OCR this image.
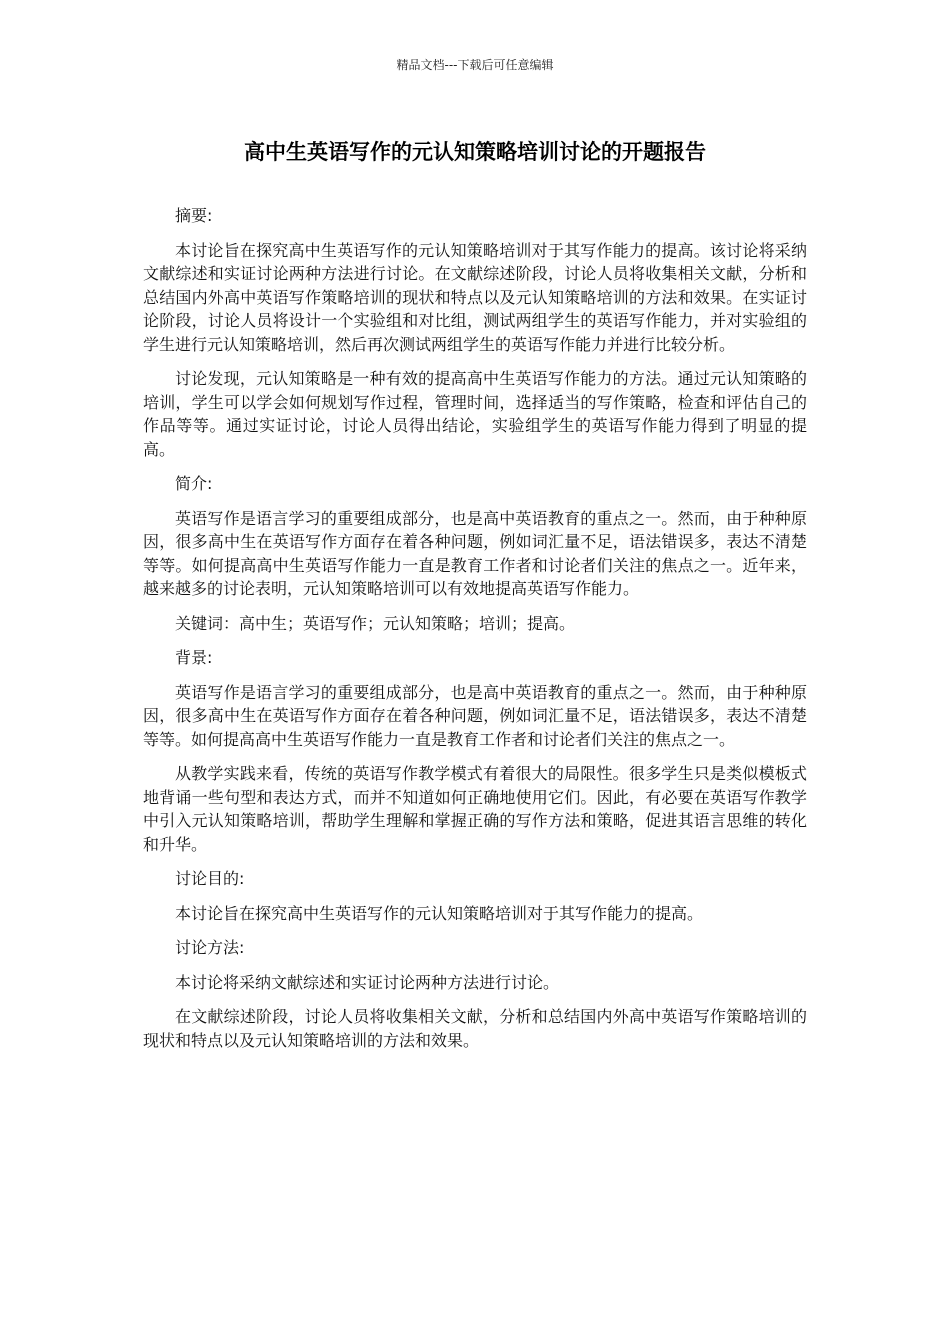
精品文档---下载后可任意编辑
高中生英语写作的元认知策略培训讨论的开题报告

摘要:

本讨论旨在探究高中生英语写作的元认知策略培训对于其写作能力的提高。该讨论将采纳文献综述和实证讨论两种方法进行讨论。在文献综述阶段，讨论人员将收集相关文献，分析和总结国内外高中英语写作策略培训的现状和特点以及元认知策略培训的方法和效果。在实证讨论阶段，讨论人员将设计一个实验组和对比组，测试两组学生的英语写作能力，并对实验组的学生进行元认知策略培训，然后再次测试两组学生的英语写作能力并进行比较分析。

讨论发现，元认知策略是一种有效的提高高中生英语写作能力的方法。通过元认知策略的培训，学生可以学会如何规划写作过程，管理时间，选择适当的写作策略，检查和评估自己的作品等等。通过实证讨论，讨论人员得出结论，实验组学生的英语写作能力得到了明显的提高。

简介:

英语写作是语言学习的重要组成部分，也是高中英语教育的重点之一。然而，由于种种原因，很多高中生在英语写作方面存在着各种问题，例如词汇量不足，语法错误多，表达不清楚等等。如何提高高中生英语写作能力一直是教育工作者和讨论者们关注的焦点之一。近年来，越来越多的讨论表明，元认知策略培训可以有效地提高英语写作能力。

关键词：高中生；英语写作；元认知策略；培训；提高。

背景:

英语写作是语言学习的重要组成部分，也是高中英语教育的重点之一。然而，由于种种原因，很多高中生在英语写作方面存在着各种问题，例如词汇量不足，语法错误多，表达不清楚等等。如何提高高中生英语写作能力一直是教育工作者和讨论者们关注的焦点之一。

从教学实践来看，传统的英语写作教学模式有着很大的局限性。很多学生只是类似模板式地背诵一些句型和表达方式，而并不知道如何正确地使用它们。因此，有必要在英语写作教学中引入元认知策略培训，帮助学生理解和掌握正确的写作方法和策略，促进其语言思维的转化和升华。

讨论目的:

本讨论旨在探究高中生英语写作的元认知策略培训对于其写作能力的提高。

讨论方法:

本讨论将采纳文献综述和实证讨论两种方法进行讨论。

在文献综述阶段，讨论人员将收集相关文献，分析和总结国内外高中英语写作策略培训的现状和特点以及元认知策略培训的方法和效果。
